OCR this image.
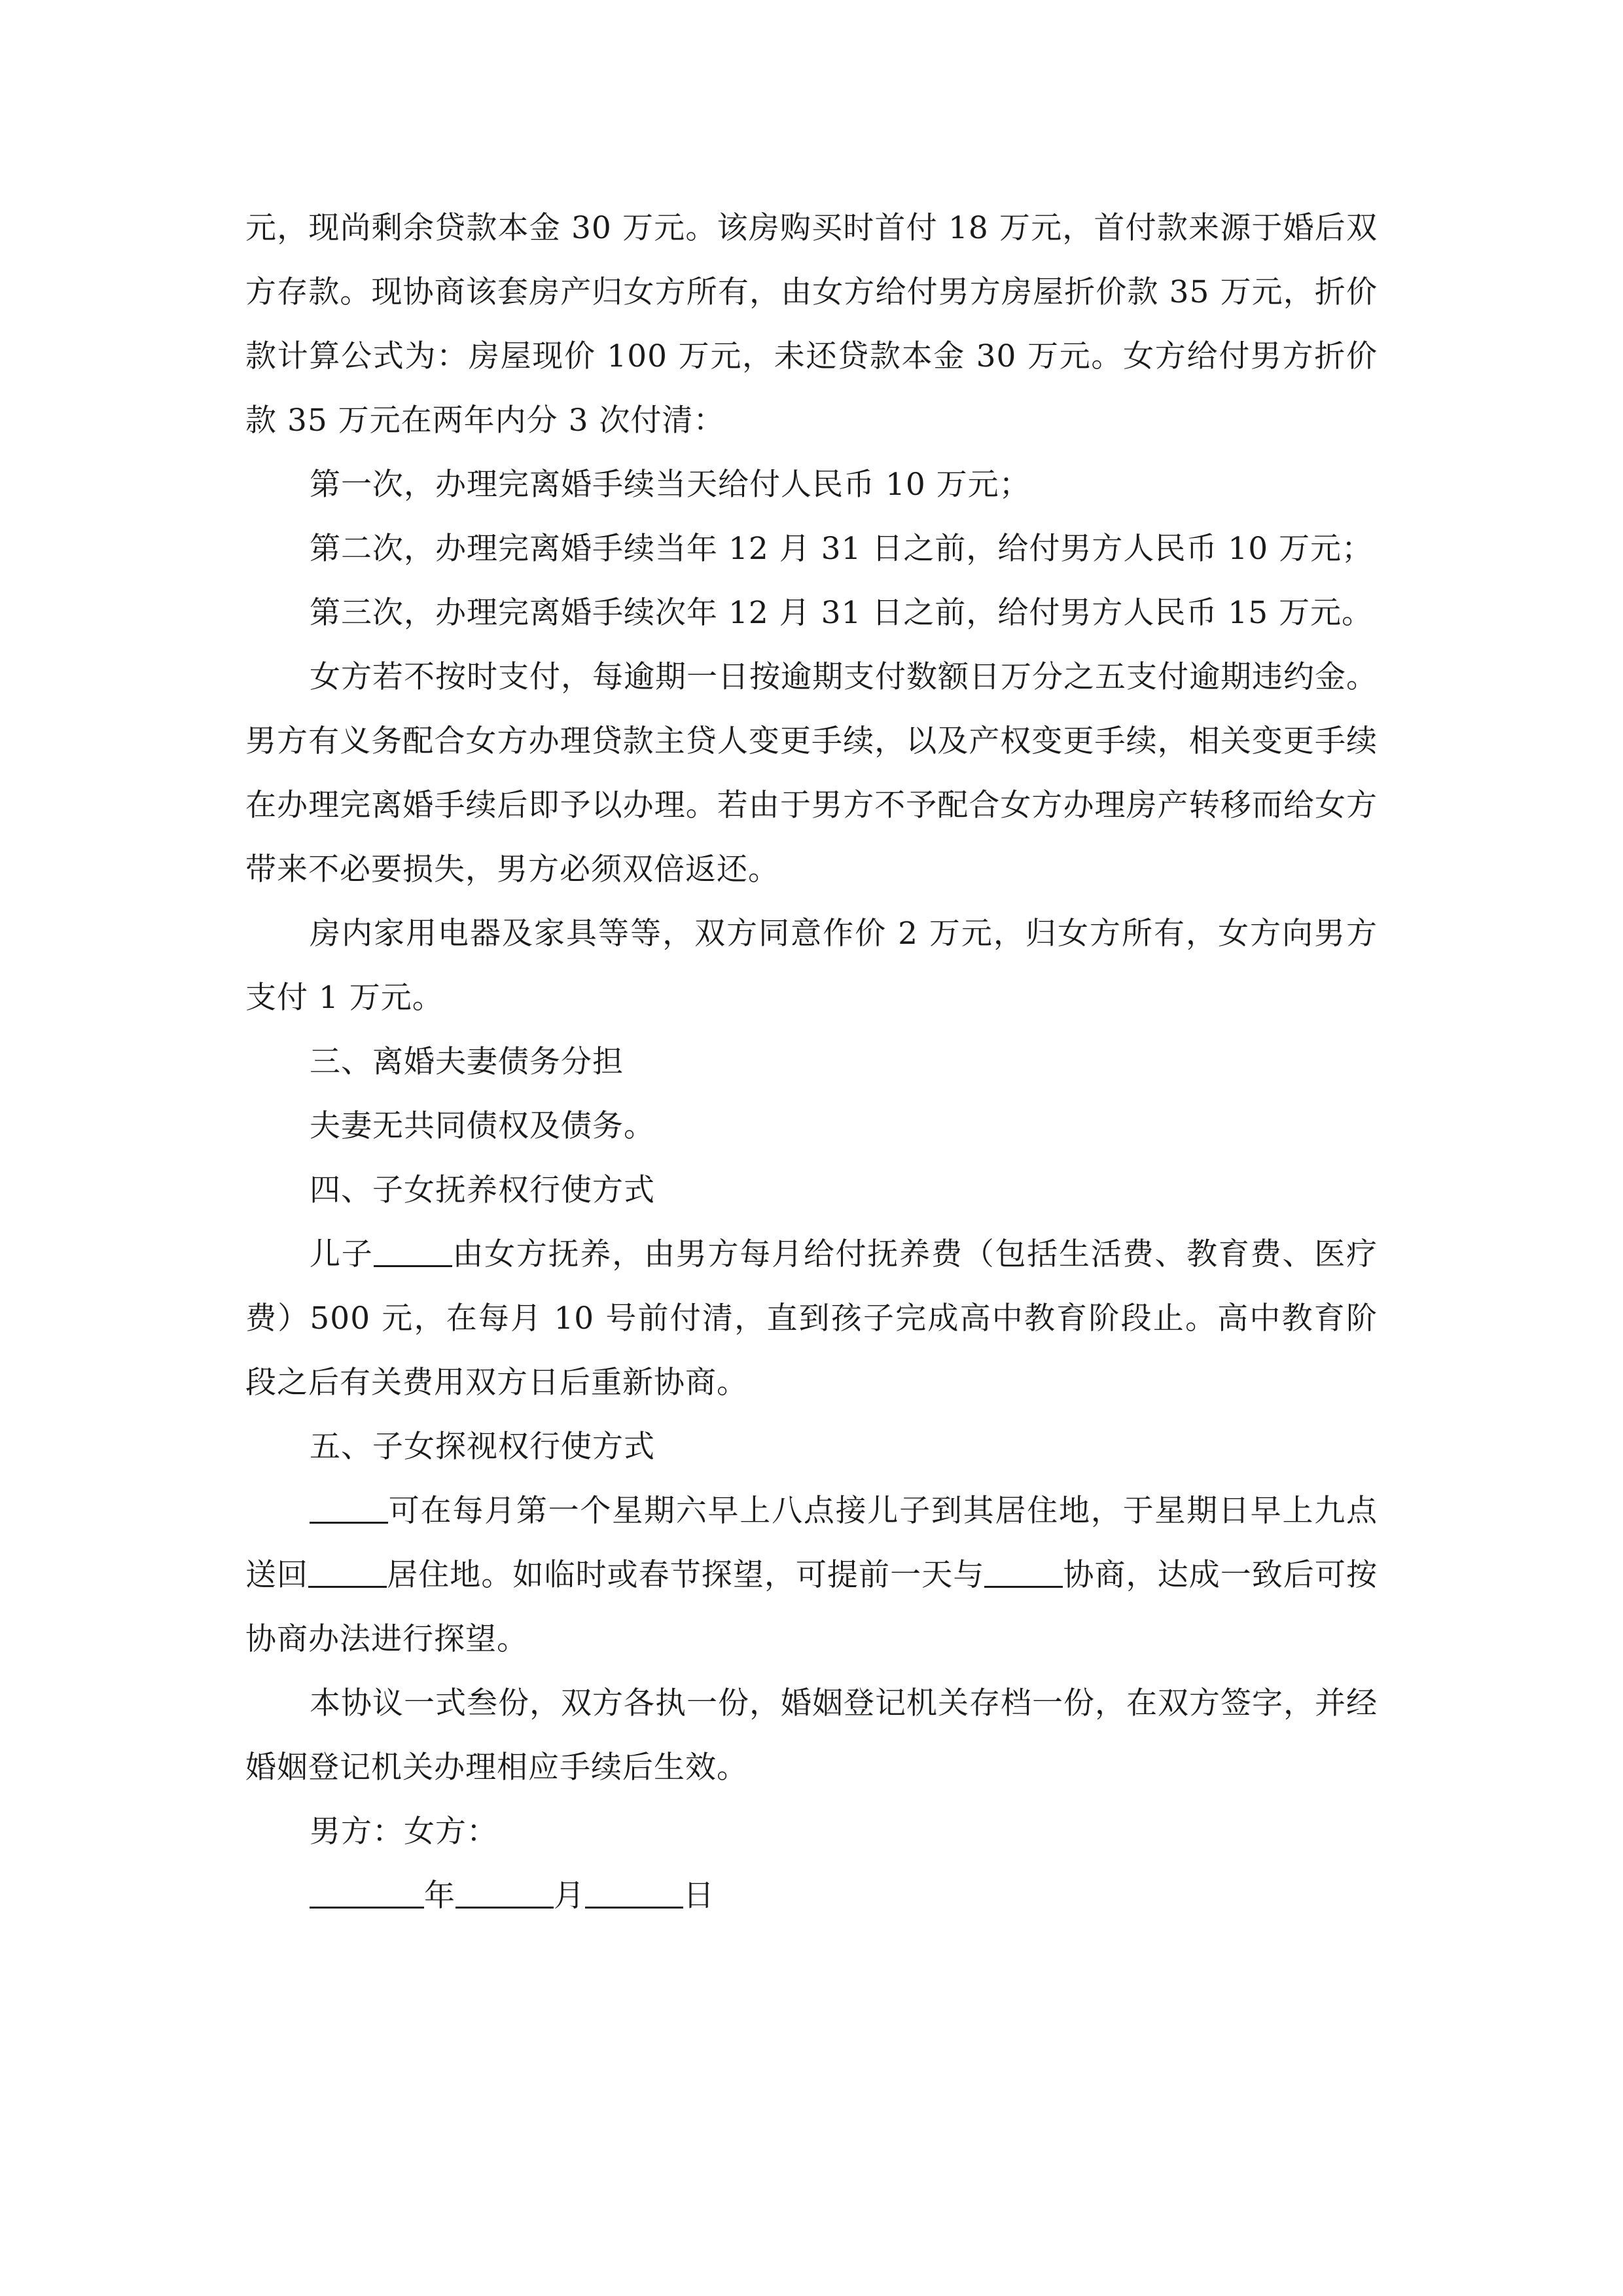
元，现尚剩余贷款本金 30 万元。该房购买时首付 18 万元，首付款来源于婚后双方存款。现协商该套房产归女方所有，由女方给付男方房屋折价款 35 万元，折价款计算公式为：房屋现价 100 万元，未还贷款本金 30 万元。女方给付男方折价款 35 万元在两年内分 3 次付清：

第一次，办理完离婚手续当天给付人民币 10 万元；

第二次，办理完离婚手续当年 12 月 31 日之前，给付男方人民币 10 万元；

第三次，办理完离婚手续次年 12 月 31 日之前，给付男方人民币 15 万元。

女方若不按时支付，每逾期一日按逾期支付数额日万分之五支付逾期违约金。男方有义务配合女方办理贷款主贷人变更手续，以及产权变更手续，相关变更手续在办理完离婚手续后即予以办理。若由于男方不予配合女方办理房产转移而给女方带来不必要损失，男方必须双倍返还。

房内家用电器及家具等等，双方同意作价 2 万元，归女方所有，女方向男方支付 1 万元。

三、离婚夫妻债务分担

夫妻无共同债权及债务。

四、子女抚养权行使方式

儿子	由女方抚养，由男方每月给付抚养费（包括生活费、教育费、医疗费）500 元，在每月 10 号前付清，直到孩子完成高中教育阶段止。高中教育阶段之后有关费用双方日后重新协商。

五、子女探视权行使方式

可在每月第一个星期六早上八点接儿子到其居住地，于星期日早上九点送回	居住地。如临时或春节探望，可提前一天与	协商，达成一致后可按协商办法进行探望。

本协议一式叁份，双方各执一份，婚姻登记机关存档一份，在双方签字，并经婚姻登记机关办理相应手续后生效。

男方：女方：

年	月	日
